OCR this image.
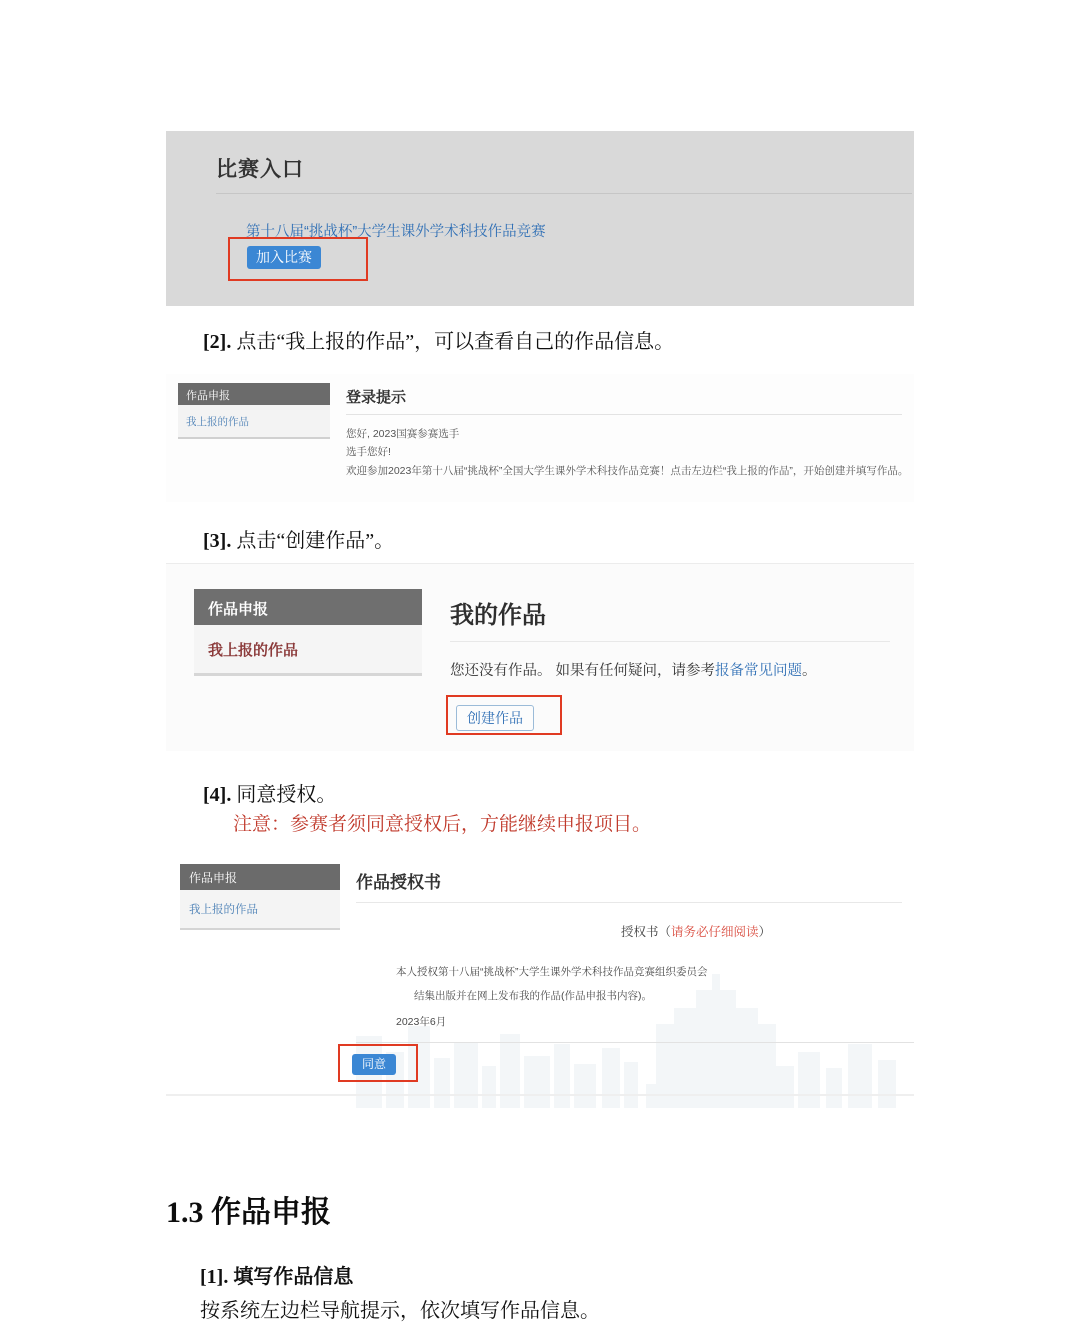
比赛入口
第十八届“挑战杯”大学生课外学术科技作品竞赛
加入比赛
[2]. 点击“我上报的作品”，可以查看自己的作品信息。
作品申报
我上报的作品
登录提示
您好, 2023国赛参赛选手
选手您好!
欢迎参加2023年第十八届“挑战杯”全国大学生课外学术科技作品竞赛！点击左边栏“我上报的作品”，开始创建并填写作品。
[3]. 点击“创建作品”。
作品申报
我上报的作品
我的作品
您还没有作品。 如果有任何疑问，请参考报备常见问题。
创建作品
[4]. 同意授权。
注意：参赛者须同意授权后，方能继续申报项目。
作品申报
我上报的作品
作品授权书
授权书（请务必仔细阅读）
本人授权第十八届“挑战杯”大学生课外学术科技作品竞赛组织委员会
结集出版并在网上发布我的作品(作品申报书内容)。
2023年6月
同意
1.3 作品申报
[1]. 填写作品信息
按系统左边栏导航提示，依次填写作品信息。
